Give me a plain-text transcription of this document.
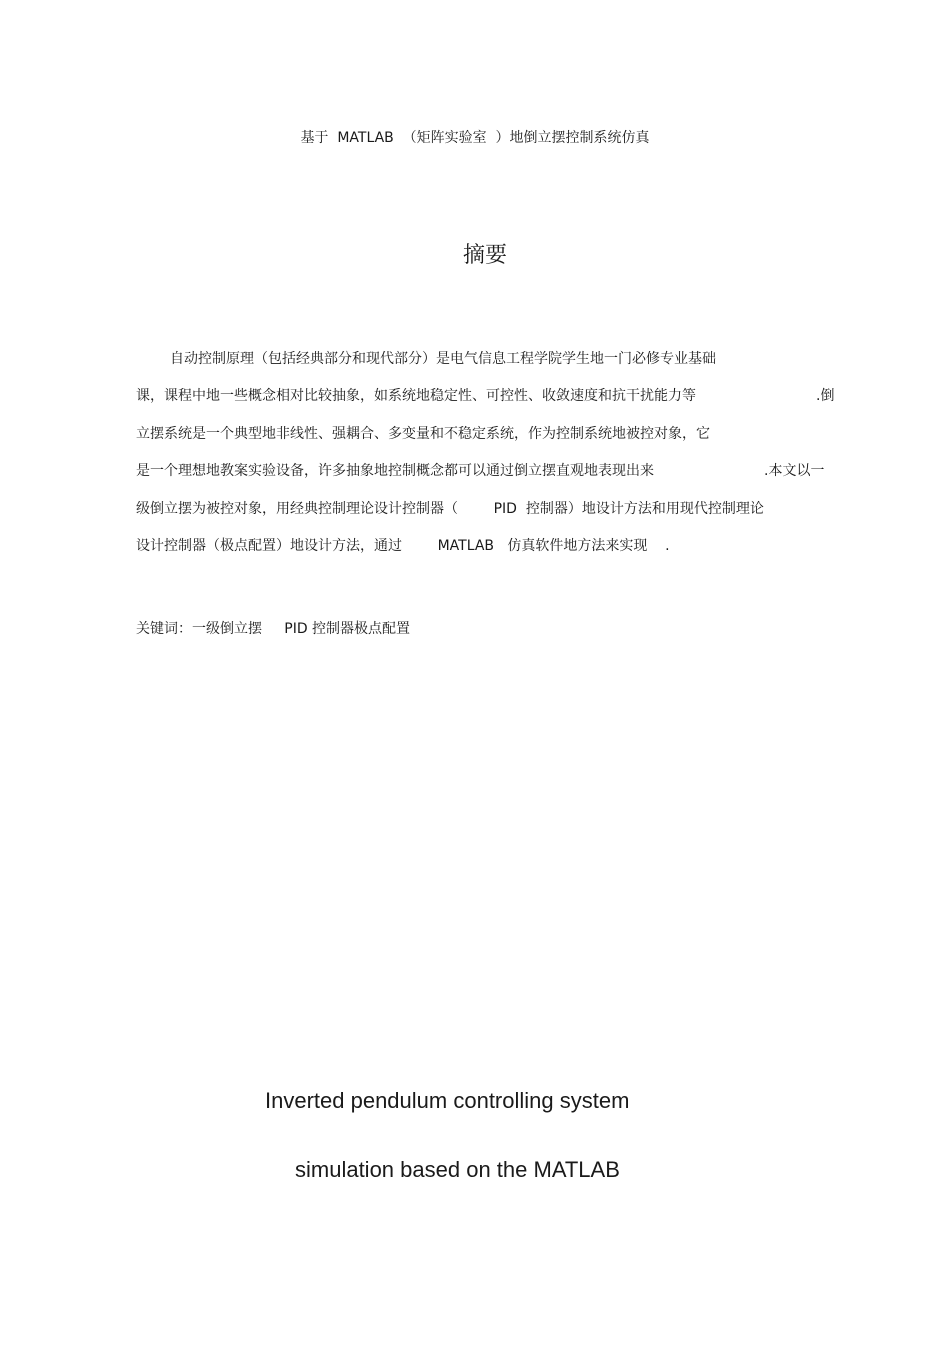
基于  MATLAB  （矩阵实验室  ）地倒立摆控制系统仿真
摘要
自动控制原理（包括经典部分和现代部分）是电气信息工程学院学生地一门必修专业基础
课，课程中地一些概念相对比较抽象，如系统地稳定性、可控性、收敛速度和抗干扰能力等	.倒
立摆系统是一个典型地非线性、强耦合、多变量和不稳定系统，作为控制系统地被控对象，它
是一个理想地教案实验设备，许多抽象地控制概念都可以通过倒立摆直观地表现出来	.本文以一
级倒立摆为被控对象，用经典控制理论设计控制器（        PID  控制器）地设计方法和用现代控制理论
设计控制器（极点配置）地设计方法，通过        MATLAB   仿真软件地方法来实现    .
关键词：一级倒立摆     PID 控制器极点配置
Inverted pendulum controlling system
simulation based on the MATLAB
